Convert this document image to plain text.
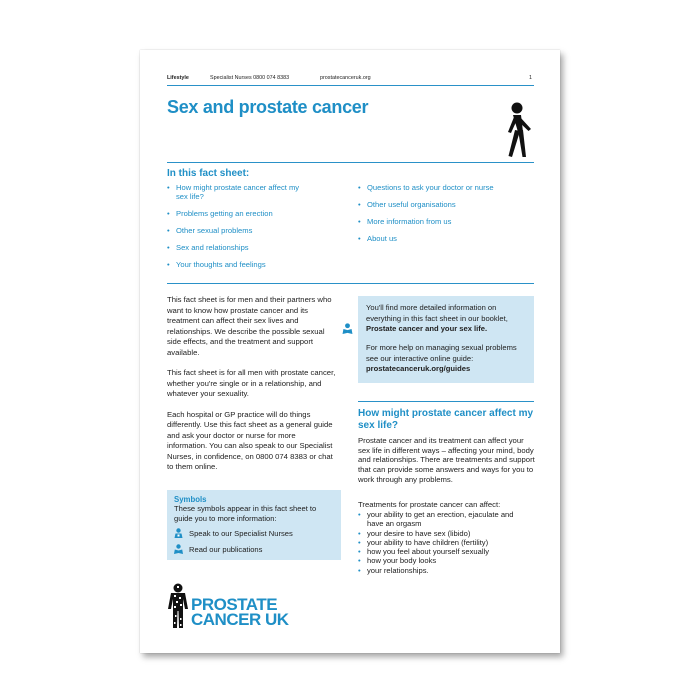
Lifestyle	Specialist Nurses 0800 074 8383	prostatecanceruk.org	1
Sex and prostate cancer
In this fact sheet:
• How might prostate cancer affect my sex life?
• Problems getting an erection
• Other sexual problems
• Sex and relationships
• Your thoughts and feelings
• Questions to ask your doctor or nurse
• Other useful organisations
• More information from us
• About us

This fact sheet is for men and their partners who want to know how prostate cancer and its treatment can affect their sex lives and relationships. We describe the possible sexual side effects, and the treatment and support available.

This fact sheet is for all men with prostate cancer, whether you're single or in a relationship, and whatever your sexuality.

Each hospital or GP practice will do things differently. Use this fact sheet as a general guide and ask your doctor or nurse for more information. You can also speak to our Specialist Nurses, in confidence, on 0800 074 8383 or chat to them online.

Symbols
These symbols appear in this fact sheet to guide you to more information:
Speak to our Specialist Nurses
Read our publications
PROSTATE
CANCER UK
You'll find more detailed information on everything in this fact sheet in our booklet, Prostate cancer and your sex life.
For more help on managing sexual problems see our interactive online guide:
prostatecanceruk.org/guides
How might prostate cancer affect my sex life?
Prostate cancer and its treatment can affect your sex life in different ways – affecting your mind, body and relationships. There are treatments and support that can provide some answers and ways for you to work through any problems.
Treatments for prostate cancer can affect:
• your ability to get an erection, ejaculate and have an orgasm
• your desire to have sex (libido)
• your ability to have children (fertility)
• how you feel about yourself sexually
• how your body looks
• your relationships.
